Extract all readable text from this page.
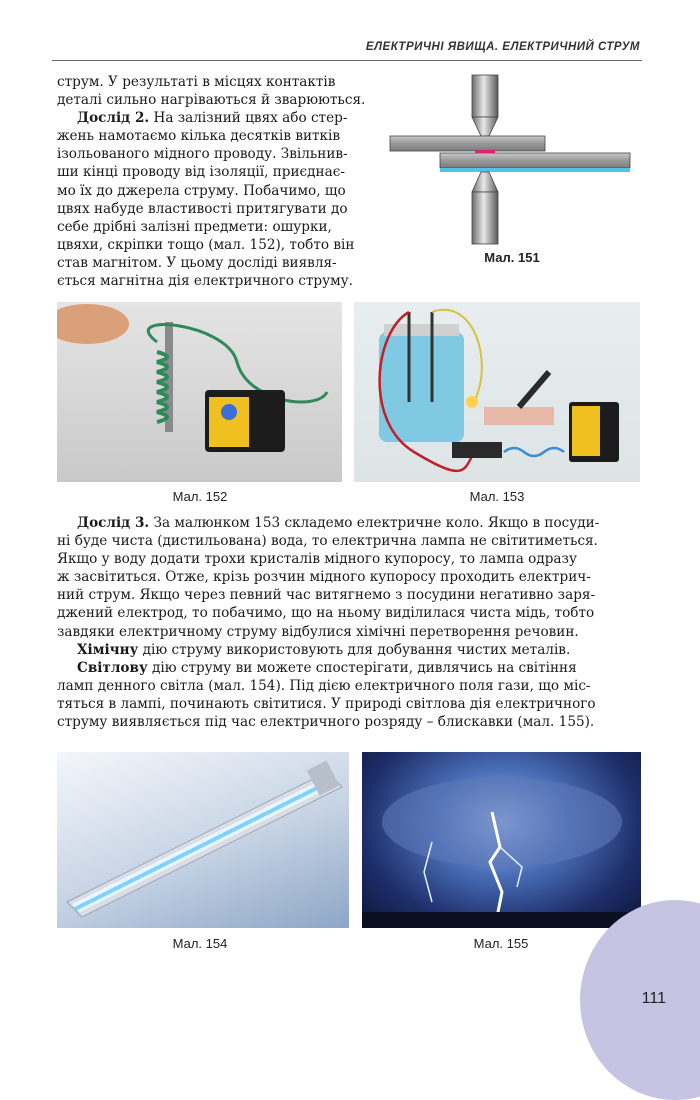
ЕЛЕКТРИЧНІ ЯВИЩА. ЕЛЕКТРИЧНИЙ СТРУМ

струм. У результаті в місцях контактів

деталі сильно нагріваються й зварюються.

Дослід 2. На залізний цвях або стер-

жень намотаємо кілька десятків витків

ізольованого мідного проводу. Звільнив-

ши кінці проводу від ізоляції, приєднає-

мо їх до джерела струму. Побачимо, що

цвях набуде властивості притягувати до

себе дрібні залізні предмети: ошурки,

цвяхи, скріпки тощо (мал. 152), тобто він

став магнітом. У цьому досліді виявля-

ється магнітна дія електричного струму.

Мал. 151
Мал. 152	Мал. 153

Дослід 3. За малюнком 153 складемо електричне коло. Якщо в посуди-

ні буде чиста (дистильована) вода, то електрична лампа не світитиметься.

Якщо у воду додати трохи кристалів мідного купоросу, то лампа одразу

ж засвітиться. Отже, крізь розчин мідного купоросу проходить електрич-

ний струм. Якщо через певний час витягнемо з посудини негативно заря-

джений електрод, то побачимо, що на ньому виділилася чиста мідь, тобто

завдяки електричному струму відбулися хімічні перетворення речовин.

Хімічну дію струму використовують для добування чистих металів.

Світлову дію струму ви можете спостерігати, дивлячись на світіння

ламп денного світла (мал. 154). Під дією електричного поля гази, що міс-

тяться в лампі, починають світитися. У природі світлова дія електричного

струму виявляється під час електричного розряду – блискавки (мал. 155).

Мал. 154	Мал. 155
111
